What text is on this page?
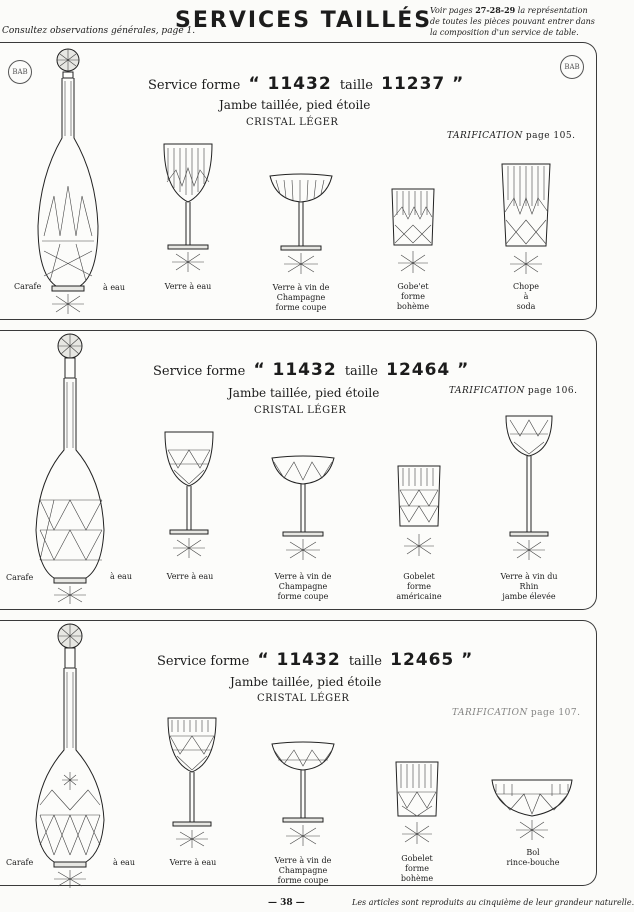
Consultez observations générales, page 1.
SERVICES TAILLÉS
Voir pages 27-28-29 la représentation de toutes les pièces pouvant entrer dans la composition d'un service de table.
BAB
BAB
Service forme “ 11432 taille 11237 ”
Jambe taillée, pied étoile
CRISTAL LÉGER
TARIFICATION page 105.
Carafe	à eau	Verre à eau	Verre à vin de
Champagne
forme coupe
Gobe'et
forme
bohème
Chope
à
soda
Service forme “ 11432 taille 12464 ”
Jambe taillée, pied étoile
CRISTAL LÉGER
TARIFICATION page 106.
Carafe	à eau	Verre à eau	Verre à vin de
Champagne
forme coupe
Gobelet
forme
américaine
Verre à vin du
Rhin
jambe élevée
Service forme “ 11432 taille 12465 ”
Jambe taillée, pied étoile
CRISTAL LÉGER
TARIFICATION page 107.
Carafe	à eau	Verre à eau	Verre à vin de
Champagne
forme coupe
Gobelet
forme
bohème
Bol
rince-bouche
— 38 —	Les articles sont reproduits au cinquième de leur grandeur naturelle.
